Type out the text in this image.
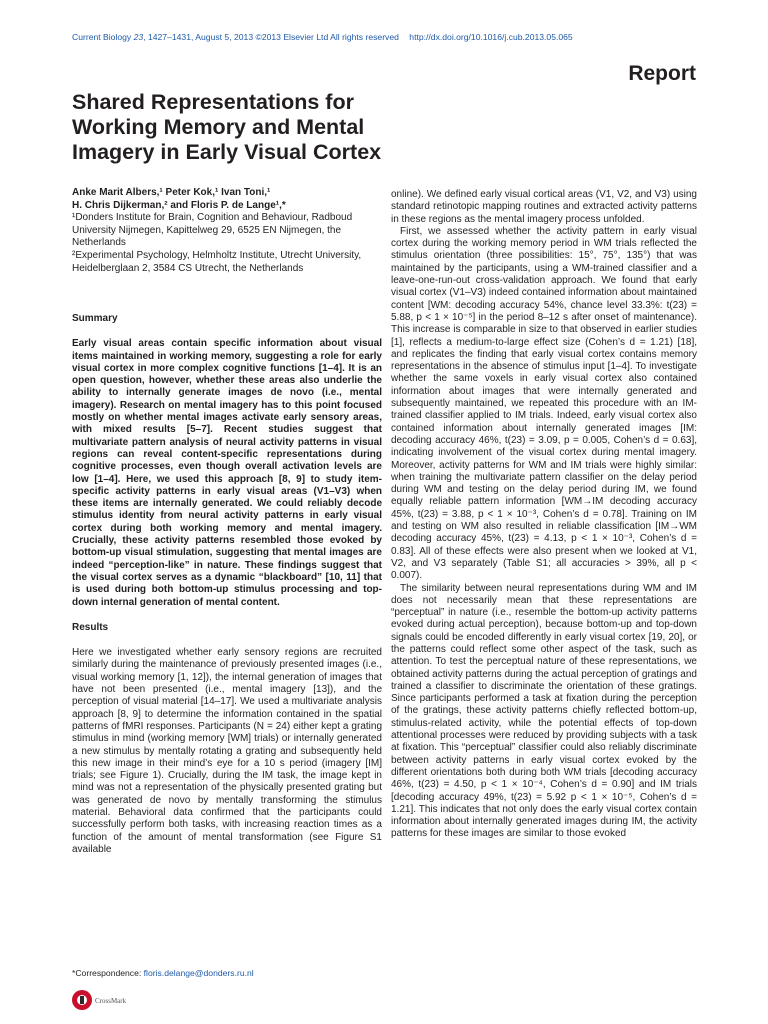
Current Biology 23, 1427–1431, August 5, 2013 ©2013 Elsevier Ltd All rights reserved http://dx.doi.org/10.1016/j.cub.2013.05.065
Report
Shared Representations for Working Memory and Mental Imagery in Early Visual Cortex
Anke Marit Albers,¹ Peter Kok,¹ Ivan Toni,¹
H. Chris Dijkerman,² and Floris P. de Lange¹,*
¹Donders Institute for Brain, Cognition and Behaviour, Radboud University Nijmegen, Kapittelweg 29, 6525 EN Nijmegen, the Netherlands
²Experimental Psychology, Helmholtz Institute, Utrecht University, Heidelberglaan 2, 3584 CS Utrecht, the Netherlands

Summary

Early visual areas contain specific information about visual items maintained in working memory, suggesting a role for early visual cortex in more complex cognitive functions [1–4]. It is an open question, however, whether these areas also underlie the ability to internally generate images de novo (i.e., mental imagery). Research on mental imagery has to this point focused mostly on whether mental images activate early sensory areas, with mixed results [5–7]. Recent studies suggest that multivariate pattern analysis of neural activity patterns in visual regions can reveal content-specific representations during cognitive processes, even though overall activation levels are low [1–4]. Here, we used this approach [8, 9] to study item-specific activity patterns in early visual areas (V1–V3) when these items are internally generated. We could reliably decode stimulus identity from neural activity patterns in early visual cortex during both working memory and mental imagery. Crucially, these activity patterns resembled those evoked by bottom-up visual stimulation, suggesting that mental images are indeed “perception-like” in nature. These findings suggest that the visual cortex serves as a dynamic “blackboard” [10, 11] that is used during both bottom-up stimulus processing and top-down internal generation of mental content.

Results

Here we investigated whether early sensory regions are recruited similarly during the maintenance of previously presented images (i.e., visual working memory [1, 12]), the internal generation of images that have not been presented (i.e., mental imagery [13]), and the perception of visual material [14–17]. We used a multivariate analysis approach [8, 9] to determine the information contained in the spatial patterns of fMRI responses. Participants (N = 24) either kept a grating stimulus in mind (working memory [WM] trials) or internally generated a new stimulus by mentally rotating a grating and subsequently held this new image in their mind’s eye for a 10 s period (imagery [IM] trials; see Figure 1). Crucially, during the IM task, the image kept in mind was not a representation of the physically presented grating but was generated de novo by mentally transforming the stimulus material. Behavioral data confirmed that the participants could successfully perform both tasks, with increasing reaction times as a function of the amount of mental transformation (see Figure S1 available

online). We defined early visual cortical areas (V1, V2, and V3) using standard retinotopic mapping routines and extracted activity patterns in these regions as the mental imagery process unfolded.

First, we assessed whether the activity pattern in early visual cortex during the working memory period in WM trials reflected the stimulus orientation (three possibilities: 15°, 75°, 135°) that was maintained by the participants, using a WM-trained classifier and a leave-one-run-out cross-validation approach. We found that early visual cortex (V1–V3) indeed contained information about maintained content [WM: decoding accuracy 54%, chance level 33.3%: t(23) = 5.88, p < 1 × 10⁻⁵] in the period 8–12 s after onset of maintenance). This increase is comparable in size to that observed in earlier studies [1], reflects a medium-to-large effect size (Cohen’s d = 1.21) [18], and replicates the finding that early visual cortex contains memory representations in the absence of stimulus input [1–4]. To investigate whether the same voxels in early visual cortex also contained information about images that were internally generated and subsequently maintained, we repeated this procedure with an IM-trained classifier applied to IM trials. Indeed, early visual cortex also contained information about internally generated images [IM: decoding accuracy 46%, t(23) = 3.09, p = 0.005, Cohen’s d = 0.63], indicating involvement of the visual cortex during mental imagery. Moreover, activity patterns for WM and IM trials were highly similar: when training the multivariate pattern classifier on the delay period during WM and testing on the delay period during IM, we found equally reliable pattern information [WM→IM decoding accuracy 45%, t(23) = 3.88, p < 1 × 10⁻³, Cohen’s d = 0.78]. Training on IM and testing on WM also resulted in reliable classification [IM→WM decoding accuracy 45%, t(23) = 4.13, p < 1 × 10⁻³, Cohen’s d = 0.83]. All of these effects were also present when we looked at V1, V2, and V3 separately (Table S1; all accuracies > 39%, all p < 0.007).

The similarity between neural representations during WM and IM does not necessarily mean that these representations are “perceptual” in nature (i.e., resemble the bottom-up activity patterns evoked during actual perception), because bottom-up and top-down signals could be encoded differently in early visual cortex [19, 20], or the patterns could reflect some other aspect of the task, such as attention. To test the perceptual nature of these representations, we obtained activity patterns during the actual perception of gratings and trained a classifier to discriminate the orientation of these gratings. Since participants performed a task at fixation during the perception of the gratings, these activity patterns chiefly reflected bottom-up, stimulus-related activity, while the potential effects of top-down attentional processes were reduced by providing subjects with a task at fixation. This “perceptual” classifier could also reliably discriminate between activity patterns in early visual cortex evoked by the different orientations both during both WM trials [decoding accuracy 46%, t(23) = 4.50, p < 1 × 10⁻⁴, Cohen’s d = 0.90] and IM trials [decoding accuracy 49%, t(23) = 5.92 p < 1 × 10⁻⁵, Cohen’s d = 1.21]. This indicates that not only does the early visual cortex contain information about internally generated images during IM, the activity patterns for these images are similar to those evoked

*Correspondence: floris.delange@donders.ru.nl
CrossMark
